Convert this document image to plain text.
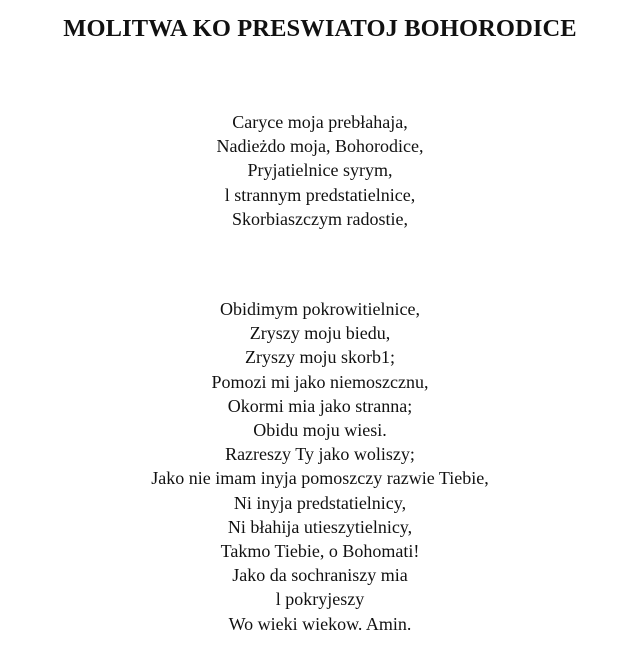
MOLITWA KO PRESWIATOJ BOHORODICE
Caryce moja prebłahaja,
Nadieżdo moja, Bohorodice,
Pryjatielnice syrym,
l strannym predstatielnice,
Skorbiaszczym radostie,
Obidimym pokrowitielnice,
Zryszy moju biedu,
Zryszy moju skorb1;
Pomozi mi jako niemoszcznu,
Okormi mia jako stranna;
Obidu moju wiesi.
Razreszy Ty jako woliszy;
Jako nie imam inyja pomoszczy razwie Tiebie,
Ni inyja predstatielnicy,
Ni błahija utieszytielnicy,
Takmo Tiebie, o Bohomati!
Jako da sochraniszy mia
l pokryjeszy
Wo wieki wiekow. Amin.
